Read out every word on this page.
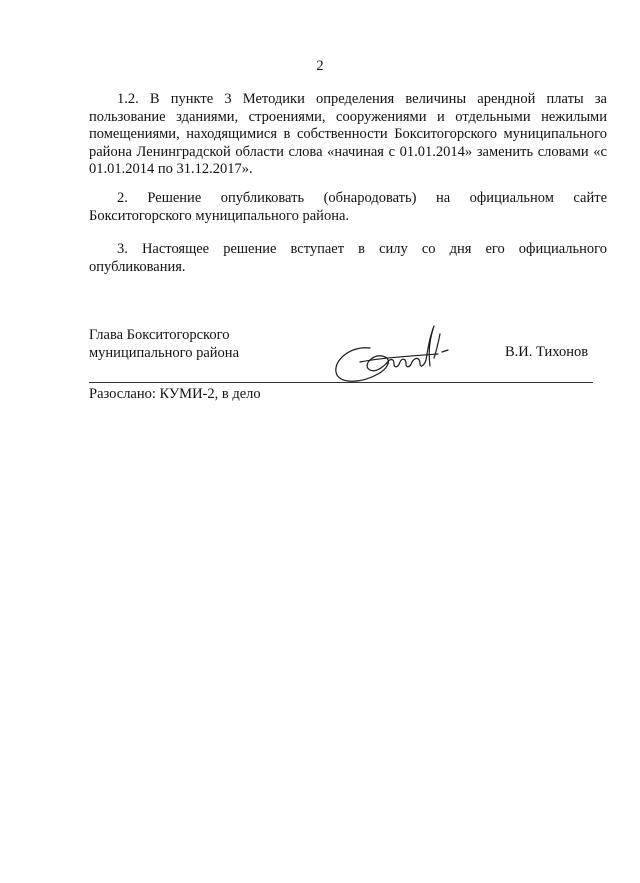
2

1.2. В пункте 3 Методики определения величины арендной платы за пользование зданиями, строениями, сооружениями и отдельными нежилыми помещениями, находящимися в собственности Бокситогорского муниципального района Ленинградской области слова «начиная с 01.01.2014» заменить словами «с 01.01.2014 по 31.12.2017».

2. Решение опубликовать (обнародовать) на официальном сайте Бокситогорского муниципального района.

3. Настоящее решение вступает в силу со дня его официального опубликования.

Глава Бокситогорского
муниципального района	В.И. Тихонов
Разослано: КУМИ-2, в дело
